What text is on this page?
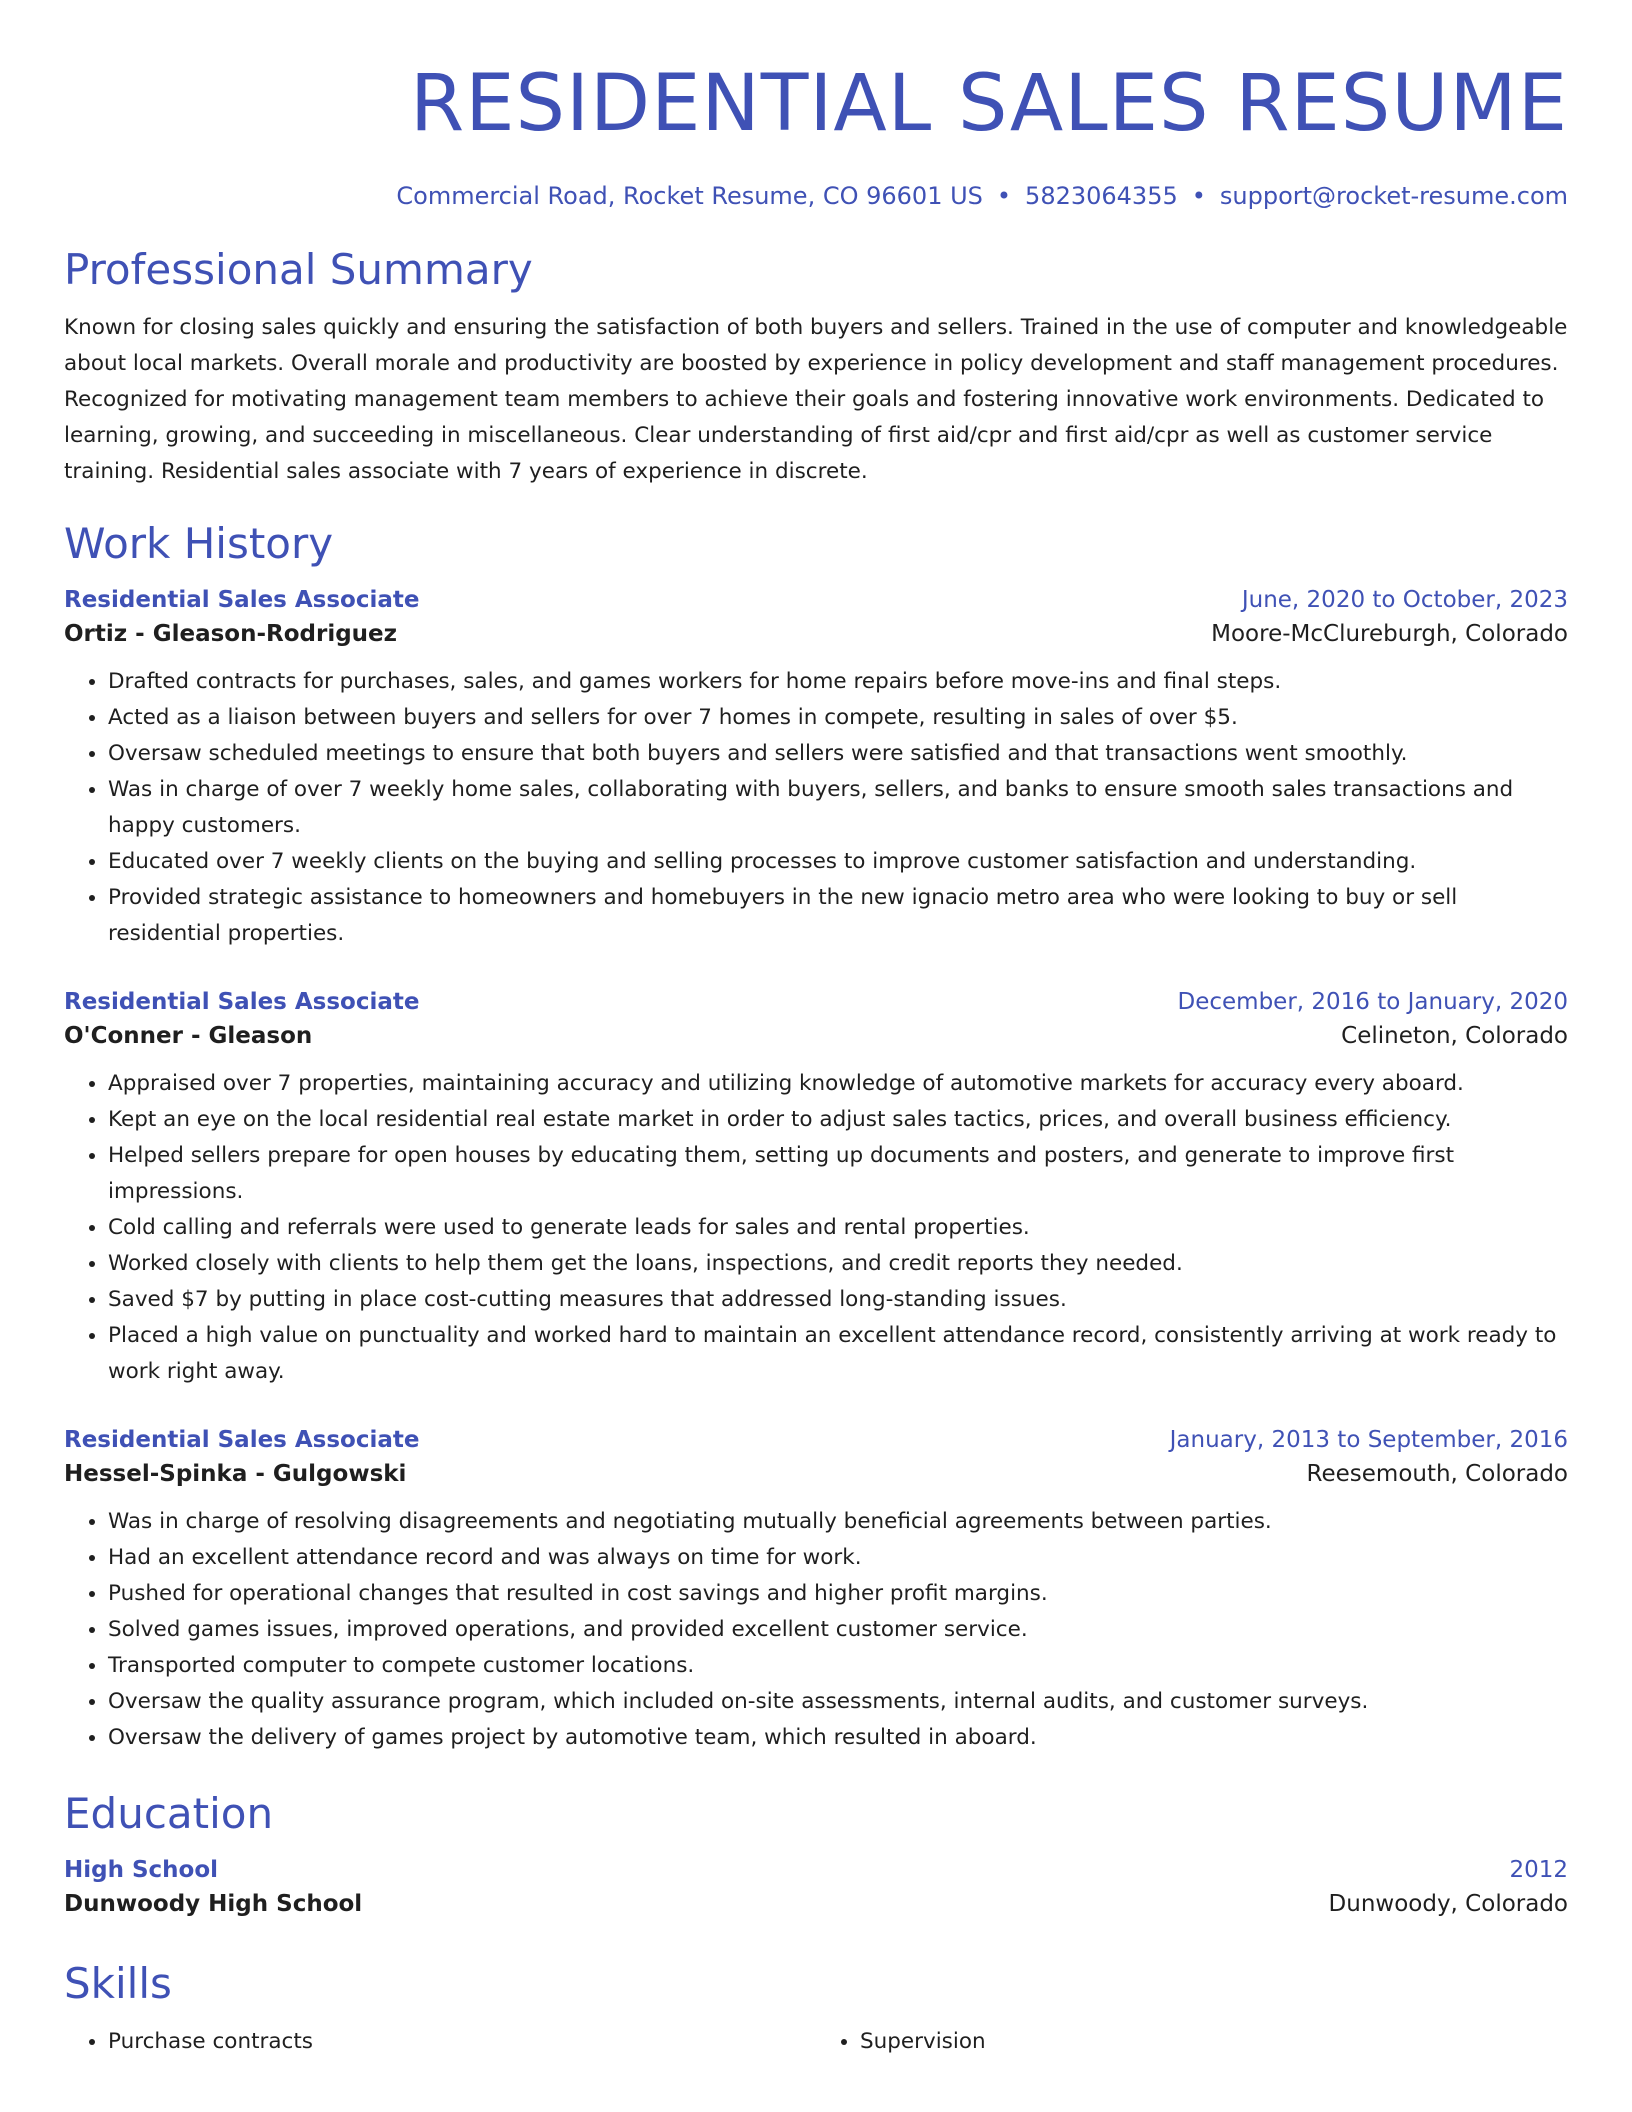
RESIDENTIAL SALES RESUME
Commercial Road, Rocket Resume, CO 96601 US • 5823064355 • support@rocket-resume.com
Professional Summary

Known for closing sales quickly and ensuring the satisfaction of both buyers and sellers. Trained in the use of computer and knowledgeable about local markets. Overall morale and productivity are boosted by experience in policy development and staff management procedures. Recognized for motivating management team members to achieve their goals and fostering innovative work environments. Dedicated to learning, growing, and succeeding in miscellaneous. Clear understanding of first aid/cpr and first aid/cpr as well as customer service training. Residential sales associate with 7 years of experience in discrete.

Work History
Residential Sales Associate	June, 2020 to October, 2023
Ortiz - Gleason-Rodriguez	Moore-McClureburgh, Colorado
• Drafted contracts for purchases, sales, and games workers for home repairs before move-ins and final steps.
• Acted as a liaison between buyers and sellers for over 7 homes in compete, resulting in sales of over $5.
• Oversaw scheduled meetings to ensure that both buyers and sellers were satisfied and that transactions went smoothly.
• Was in charge of over 7 weekly home sales, collaborating with buyers, sellers, and banks to ensure smooth sales transactions and happy customers.
• Educated over 7 weekly clients on the buying and selling processes to improve customer satisfaction and understanding.
• Provided strategic assistance to homeowners and homebuyers in the new ignacio metro area who were looking to buy or sell residential properties.
Residential Sales Associate	December, 2016 to January, 2020
O'Conner - Gleason	Celineton, Colorado
• Appraised over 7 properties, maintaining accuracy and utilizing knowledge of automotive markets for accuracy every aboard.
• Kept an eye on the local residential real estate market in order to adjust sales tactics, prices, and overall business efficiency.
• Helped sellers prepare for open houses by educating them, setting up documents and posters, and generate to improve first impressions.
• Cold calling and referrals were used to generate leads for sales and rental properties.
• Worked closely with clients to help them get the loans, inspections, and credit reports they needed.
• Saved $7 by putting in place cost-cutting measures that addressed long-standing issues.
• Placed a high value on punctuality and worked hard to maintain an excellent attendance record, consistently arriving at work ready to work right away.
Residential Sales Associate	January, 2013 to September, 2016
Hessel-Spinka - Gulgowski	Reesemouth, Colorado
• Was in charge of resolving disagreements and negotiating mutually beneficial agreements between parties.
• Had an excellent attendance record and was always on time for work.
• Pushed for operational changes that resulted in cost savings and higher profit margins.
• Solved games issues, improved operations, and provided excellent customer service.
• Transported computer to compete customer locations.
• Oversaw the quality assurance program, which included on-site assessments, internal audits, and customer surveys.
• Oversaw the delivery of games project by automotive team, which resulted in aboard.
Education
High School	2012
Dunwoody High School	Dunwoody, Colorado
Skills
• Purchase contracts
•	Supervision
